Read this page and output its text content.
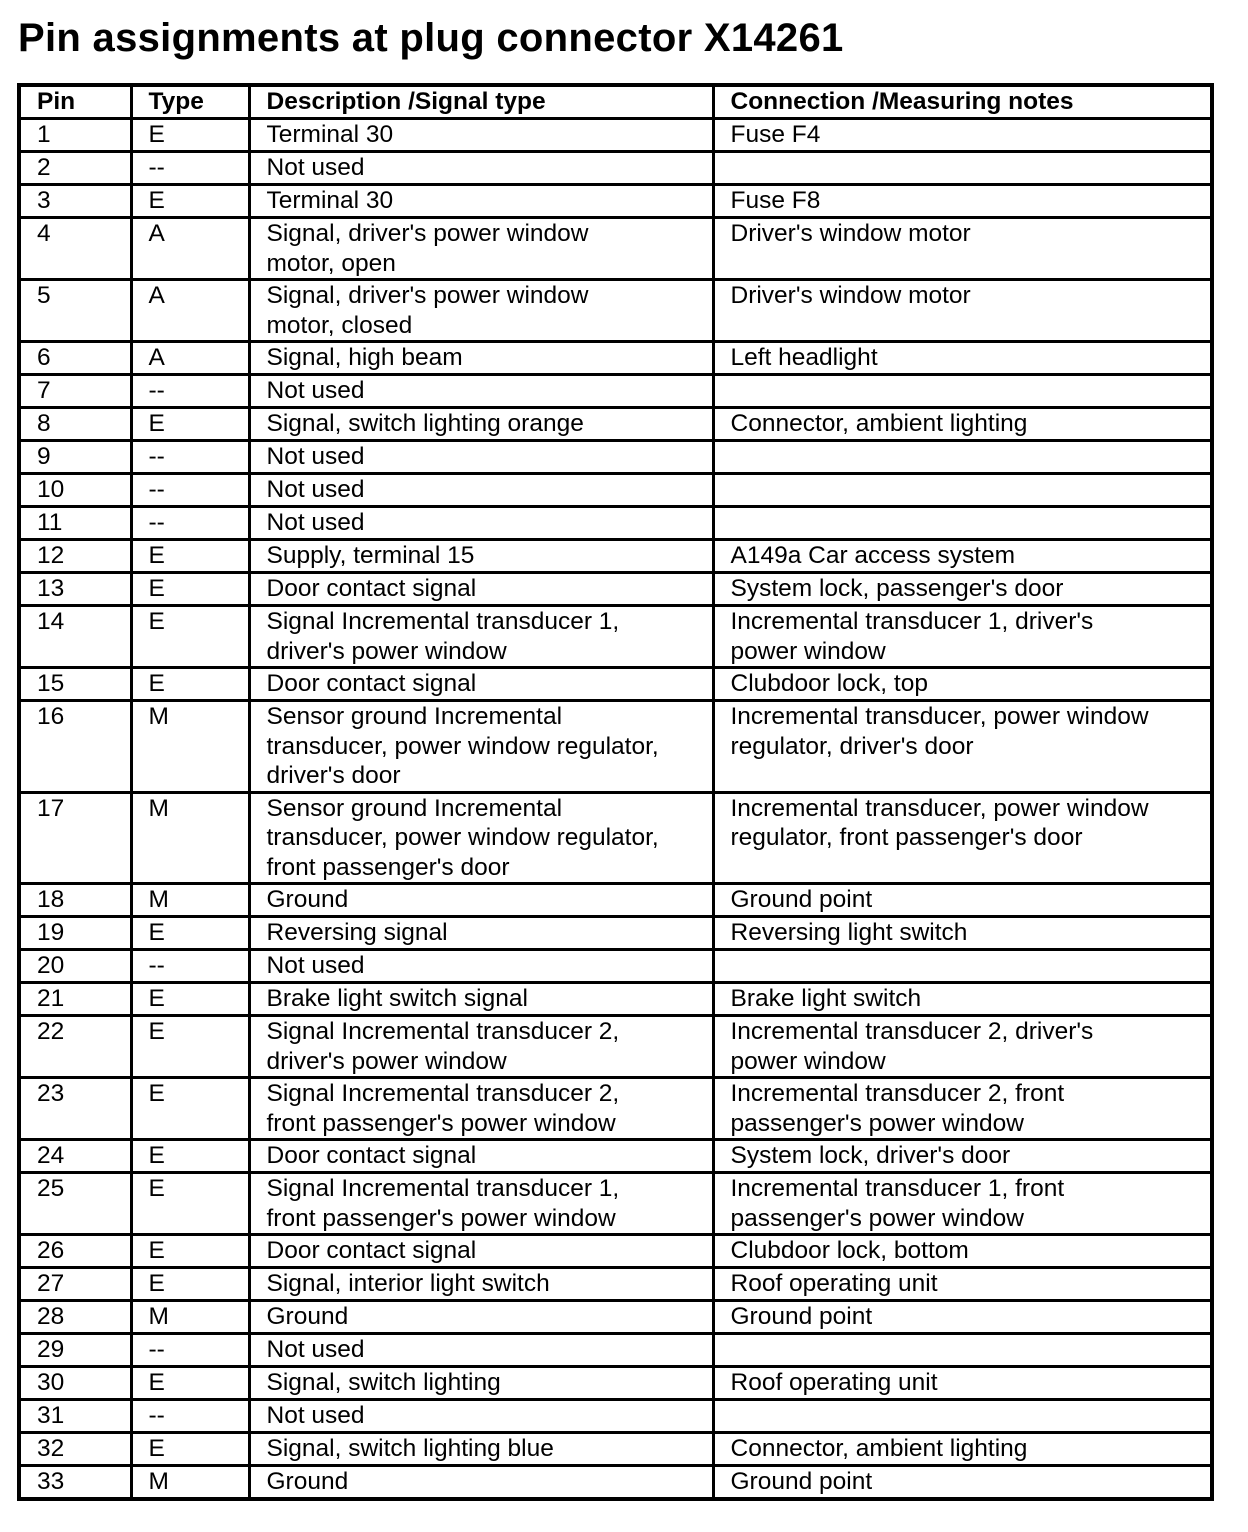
Pin assignments at plug connector X14261
Pin	Type	Description /Signal type	Connection /Measuring notes
1	E	Terminal 30	Fuse F4
2	--	Not used	
3	E	Terminal 30	Fuse F8
4	A	Signal, driver's power window
motor, open	Driver's window motor
5	A	Signal, driver's power window
motor, closed	Driver's window motor
6	A	Signal, high beam	Left headlight
7	--	Not used	
8	E	Signal, switch lighting orange	Connector, ambient lighting
9	--	Not used	
10	--	Not used	
11	--	Not used	
12	E	Supply, terminal 15	A149a Car access system
13	E	Door contact signal	System lock, passenger's door
14	E	Signal Incremental transducer 1,
driver's power window	Incremental transducer 1, driver's
power window
15	E	Door contact signal	Clubdoor lock, top
16	M	Sensor ground Incremental
transducer, power window regulator,
driver's door	Incremental transducer, power window
regulator, driver's door
17	M	Sensor ground Incremental
transducer, power window regulator,
front passenger's door	Incremental transducer, power window
regulator, front passenger's door
18	M	Ground	Ground point
19	E	Reversing signal	Reversing light switch
20	--	Not used	
21	E	Brake light switch signal	Brake light switch
22	E	Signal Incremental transducer 2,
driver's power window	Incremental transducer 2, driver's
power window
23	E	Signal Incremental transducer 2,
front passenger's power window	Incremental transducer 2, front
passenger's power window
24	E	Door contact signal	System lock, driver's door
25	E	Signal Incremental transducer 1,
front passenger's power window	Incremental transducer 1, front
passenger's power window
26	E	Door contact signal	Clubdoor lock, bottom
27	E	Signal, interior light switch	Roof operating unit
28	M	Ground	Ground point
29	--	Not used	
30	E	Signal, switch lighting	Roof operating unit
31	--	Not used	
32	E	Signal, switch lighting blue	Connector, ambient lighting
33	M	Ground	Ground point
